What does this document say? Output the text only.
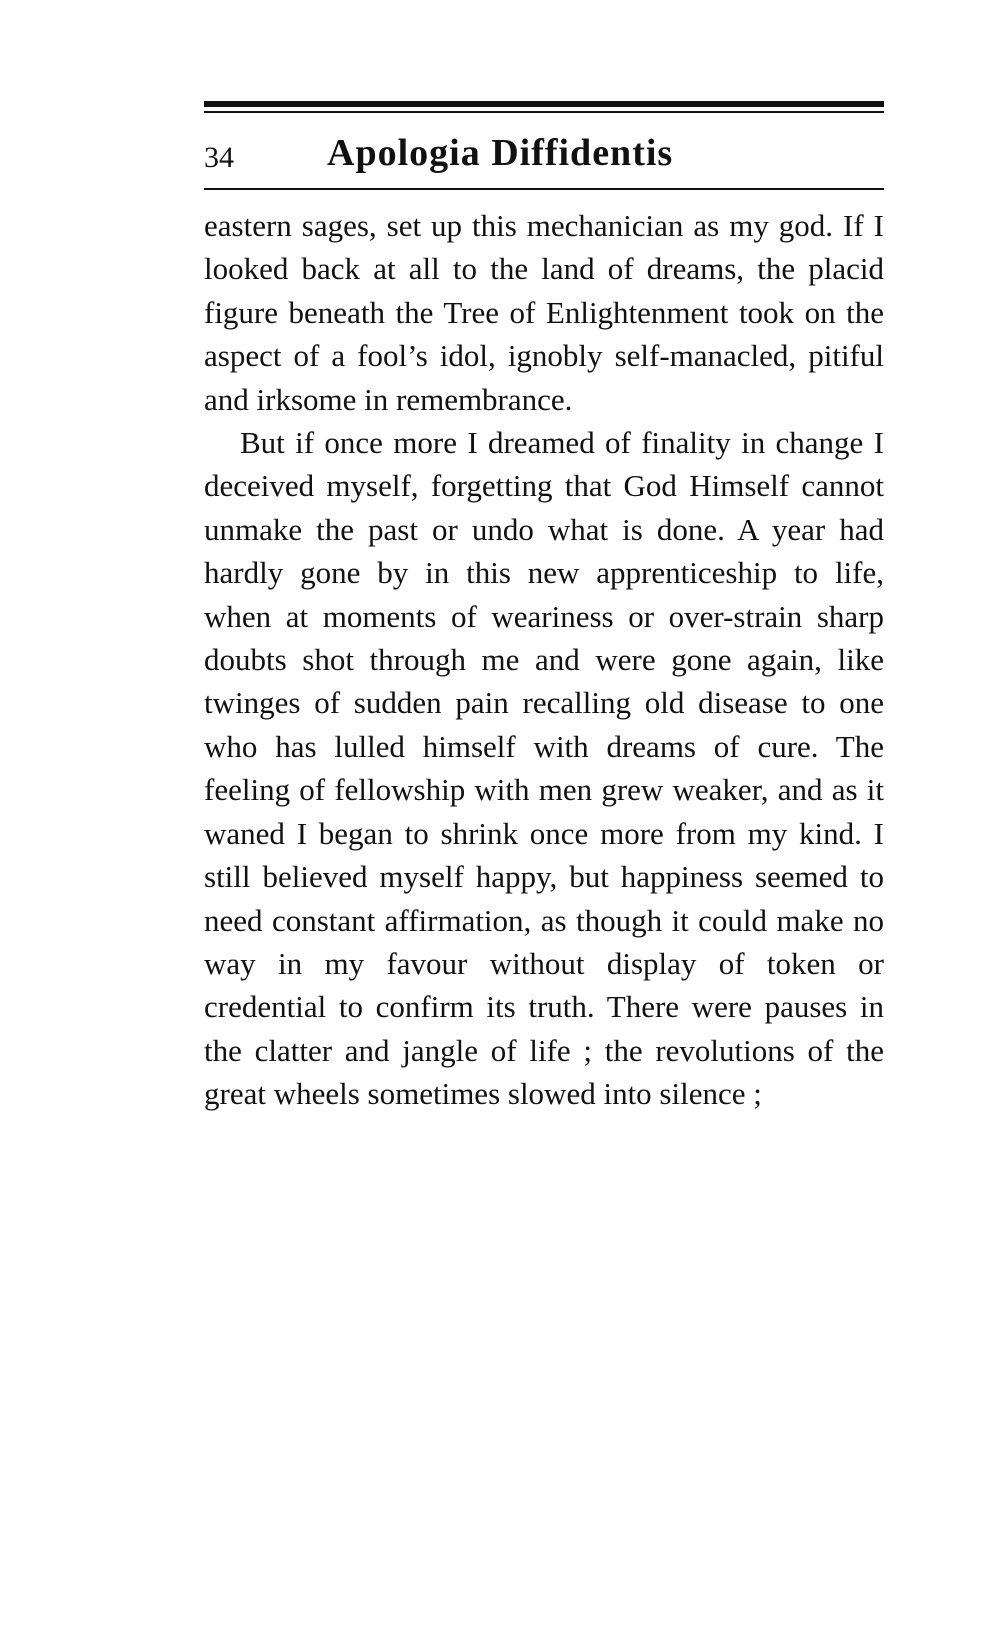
34 Apologia Diffidentis

eastern sages, set up this mechanician as my god. If I looked back at all to the land of dreams, the placid figure beneath the Tree of Enlightenment took on the aspect of a fool’s idol, ignobly self-manacled, pitiful and irksome in remembrance.

But if once more I dreamed of finality in change I deceived myself, forgetting that God Himself cannot unmake the past or undo what is done. A year had hardly gone by in this new apprenticeship to life, when at moments of weariness or over-strain sharp doubts shot through me and were gone again, like twinges of sudden pain recalling old disease to one who has lulled himself with dreams of cure. The feeling of fellowship with men grew weaker, and as it waned I began to shrink once more from my kind. I still believed myself happy, but happiness seemed to need constant affirmation, as though it could make no way in my favour without display of token or credential to confirm its truth. There were pauses in the clatter and jangle of life ; the revolutions of the great wheels sometimes slowed into silence ;
